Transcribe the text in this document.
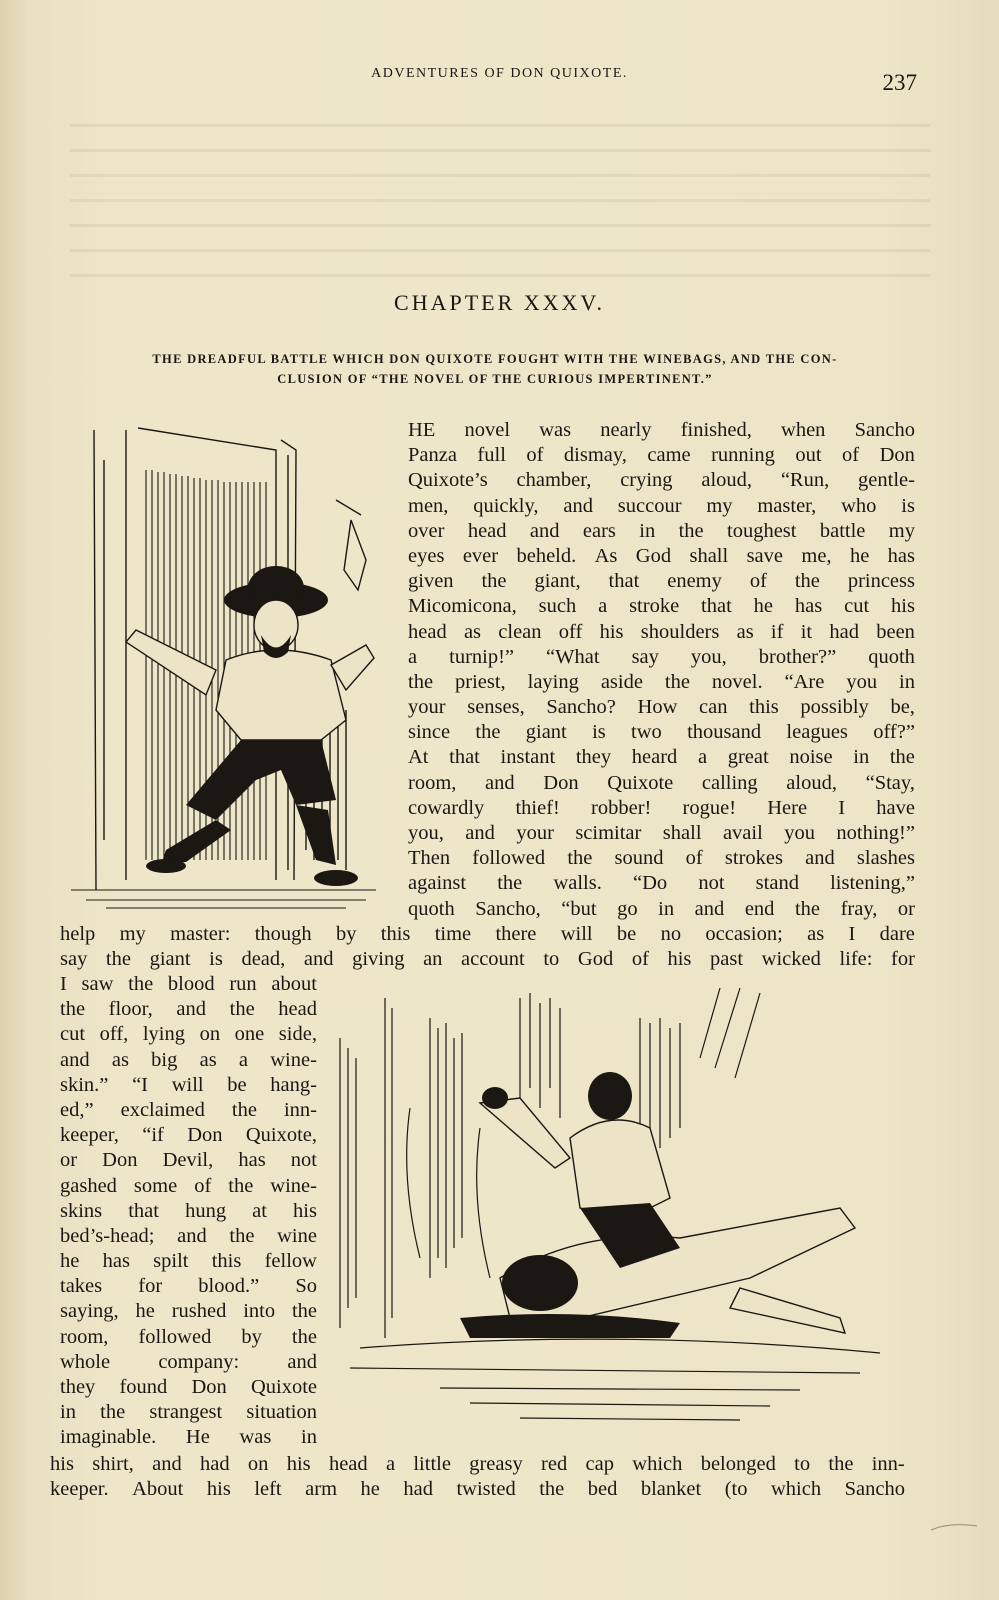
ADVENTURES OF DON QUIXOTE.	237
CHAPTER XXXV.
THE DREADFUL BATTLE WHICH DON QUIXOTE FOUGHT WITH THE WINEBAGS, AND THE CON-
CLUSION OF “THE NOVEL OF THE CURIOUS IMPERTINENT.”
HE novel was nearly finished, when Sancho
Panza full of dismay, came running out of Don
Quixote’s chamber, crying aloud, “Run, gentle-
men, quickly, and succour my master, who is
over head and ears in the toughest battle my
eyes ever beheld. As God shall save me, he has
given the giant, that enemy of the princess
Micomicona, such a stroke that he has cut his
head as clean off his shoulders as if it had been
a turnip!” “What say you, brother?” quoth
the priest, laying aside the novel. “Are you in
your senses, Sancho? How can this possibly be,
since the giant is two thousand leagues off?”
At that instant they heard a great noise in the
room, and Don Quixote calling aloud, “Stay,
cowardly thief! robber! rogue! Here I have
you, and your scimitar shall avail you nothing!”
Then followed the sound of strokes and slashes
against the walls. “Do not stand listening,”
quoth Sancho, “but go in and end the fray, or
help my master: though by this time there will be no occasion; as I dare
say the giant is dead, and giving an account to God of his past wicked life: for
I saw the blood run about
the floor, and the head
cut off, lying on one side,
and as big as a wine-
skin.” “I will be hang-
ed,” exclaimed the inn-
keeper, “if Don Quixote,
or Don Devil, has not
gashed some of the wine-
skins that hung at his
bed’s-head; and the wine
he has spilt this fellow
takes for blood.” So
saying, he rushed into the
room, followed by the
whole company: and
they found Don Quixote
in the strangest situation
imaginable. He was in
his shirt, and had on his head a little greasy red cap which belonged to the inn-
keeper. About his left arm he had twisted the bed blanket (to which Sancho
